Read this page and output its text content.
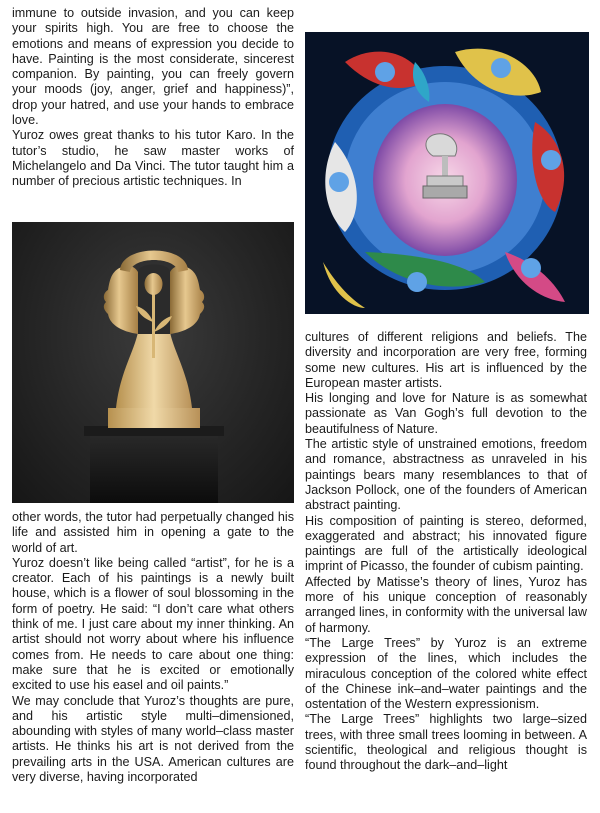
immune to outside invasion, and you can keep your spirits high. You are free to choose the emotions and means of expression you decide to have. Painting is the most considerate, sincerest companion. By painting, you can freely govern your moods (joy, anger, grief and happiness)”, drop your hatred, and use your hands to embrace love.

Yuroz owes great thanks to his tutor Karo. In the tutor’s studio, he saw master works of Michelangelo and Da Vinci. The tutor taught him a number of precious artistic techniques. In

other words, the tutor had perpetually changed his life and assisted him in opening a gate to the world of art.

Yuroz doesn’t like being called “artist”, for he is a creator. Each of his paintings is a newly built house, which is a flower of soul blossoming in the form of poetry. He said: “I don’t care what others think of me. I just care about my inner thinking. An artist should not worry about where his influence comes from. He needs to care about one thing: make sure that he is excited or emotionally excited to use his easel and oil paints.”

We may conclude that Yuroz’s thoughts are pure, and his artistic style multi–dimensioned, abounding with styles of many world–class master artists. He thinks his art is not derived from the prevailing arts in the USA. American cultures are very diverse, having incorporated

cultures of different religions and beliefs. The diversity and incorporation are very free, forming some new cultures. His art is influenced by the European master artists.

His longing and love for Nature is as somewhat passionate as Van Gogh’s full devotion to the beautifulness of Nature.

The artistic style of unstrained emotions, freedom and romance, abstractness as unraveled in his paintings bears many resemblances to that of Jackson Pollock, one of the founders of American abstract painting.

His composition of painting is stereo, deformed, exaggerated and abstract; his innovated figure paintings are full of the artistically ideological imprint of Picasso, the founder of cubism painting.

Affected by Matisse’s theory of lines, Yuroz has more of his unique conception of reasonably arranged lines, in conformity with the universal law of harmony.

“The Large Trees” by Yuroz is an extreme expression of the lines, which includes the miraculous conception of the colored white effect of the Chinese ink–and–water paintings and the ostentation of the Western expressionism.

“The Large Trees” highlights two large–sized trees, with three small trees looming in between. A scientific, theological and religious thought is found throughout the dark–and–light
